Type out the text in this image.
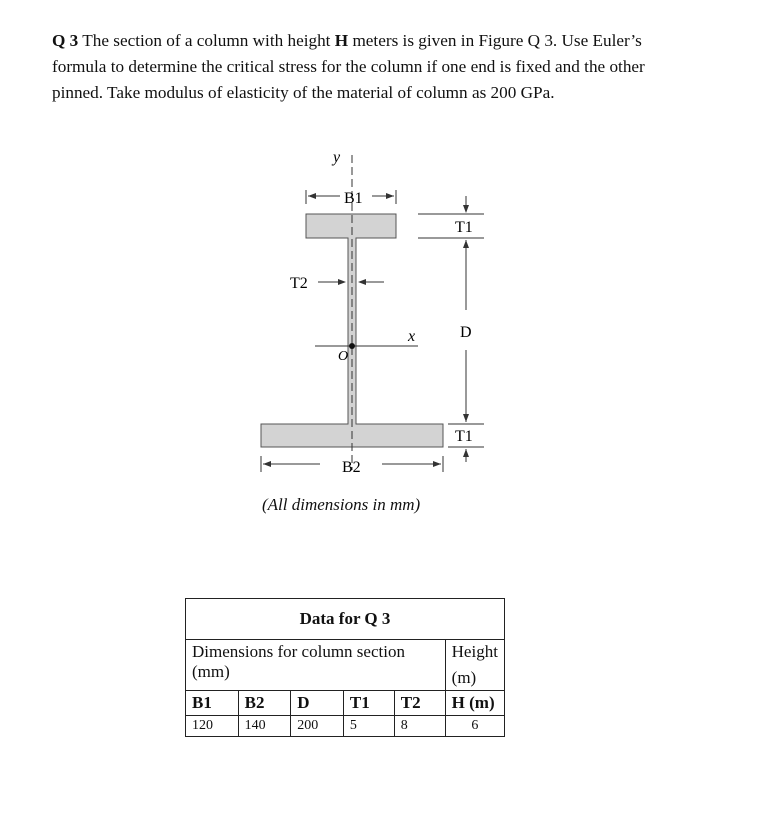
Q 3 The section of a column with height H meters is given in Figure Q 3. Use Euler’s formula to determine the critical stress for the column if one end is fixed and the other pinned. Take modulus of elasticity of the material of column as 200 GPa.

y
B1
T1
T2
x
O
D
T1
B2
(All dimensions in mm)
Data for Q 3					
Dimensions for column section (mm)					Height
(m)

B1	B2	D	T1	T2	H (m)
120	140	200	5	8	6
